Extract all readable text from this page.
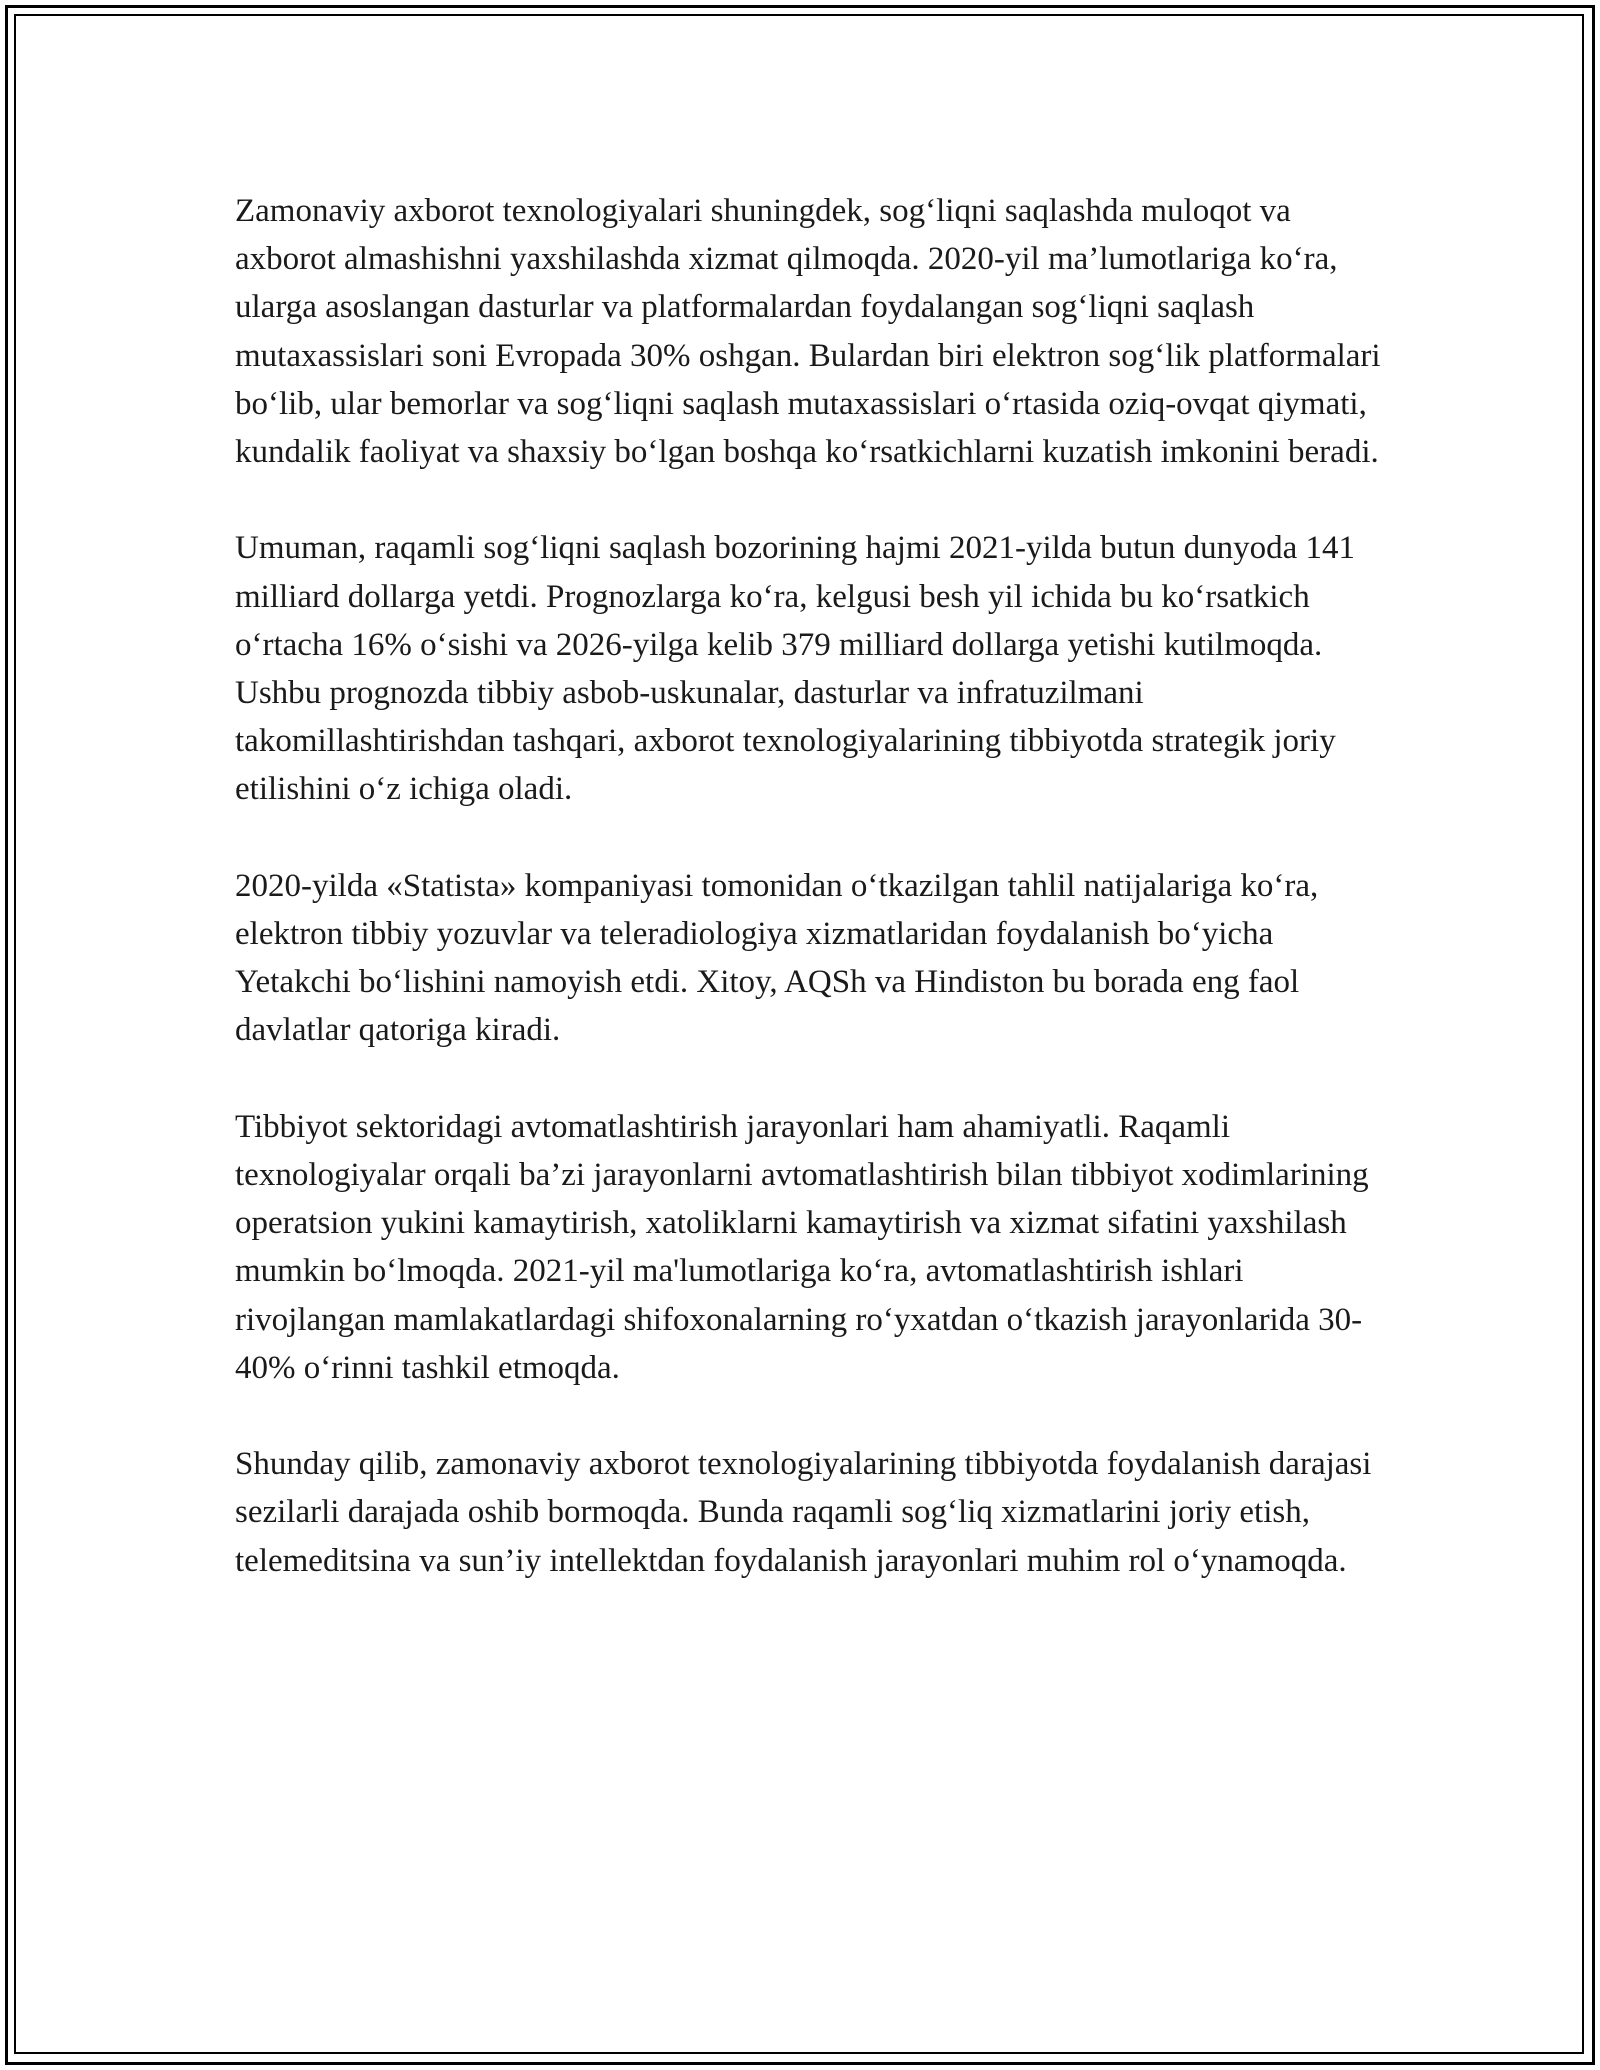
Zamonaviy axborot texnologiyalari shuningdek, sog‘liqni saqlashda muloqot va axborot almashishni yaxshilashda xizmat qilmoqda. 2020-yil ma’lumotlariga ko‘ra, ularga asoslangan dasturlar va platformalardan foydalangan sog‘liqni saqlash mutaxassislari soni Evropada 30% oshgan. Bulardan biri elektron sog‘lik platformalari bo‘lib, ular bemorlar va sog‘liqni saqlash mutaxassislari o‘rtasida oziq-ovqat qiymati, kundalik faoliyat va shaxsiy bo‘lgan boshqa ko‘rsatkichlarni kuzatish imkonini beradi.

Umuman, raqamli sog‘liqni saqlash bozorining hajmi 2021-yilda butun dunyoda 141 milliard dollarga yetdi. Prognozlarga ko‘ra, kelgusi besh yil ichida bu ko‘rsatkich o‘rtacha 16% o‘sishi va 2026-yilga kelib 379 milliard dollarga yetishi kutilmoqda. Ushbu prognozda tibbiy asbob-uskunalar, dasturlar va infratuzilmani takomillashtirishdan tashqari, axborot texnologiyalarining tibbiyotda strategik joriy etilishini o‘z ichiga oladi.

2020-yilda «Statista» kompaniyasi tomonidan o‘tkazilgan tahlil natijalariga ko‘ra, elektron tibbiy yozuvlar va teleradiologiya xizmatlaridan foydalanish bo‘yicha Yetakchi bo‘lishini namoyish etdi. Xitoy, AQSh va Hindiston bu borada eng faol davlatlar qatoriga kiradi.

Tibbiyot sektoridagi avtomatlashtirish jarayonlari ham ahamiyatli. Raqamli texnologiyalar orqali ba’zi jarayonlarni avtomatlashtirish bilan tibbiyot xodimlarining operatsion yukini kamaytirish, xatoliklarni kamaytirish va xizmat sifatini yaxshilash mumkin bo‘lmoqda. 2021-yil ma'lumotlariga ko‘ra, avtomatlashtirish ishlari rivojlangan mamlakatlardagi shifoxonalarning ro‘yxatdan o‘tkazish jarayonlarida 30-40% o‘rinni tashkil etmoqda.

Shunday qilib, zamonaviy axborot texnologiyalarining tibbiyotda foydalanish darajasi sezilarli darajada oshib bormoqda. Bunda raqamli sog‘liq xizmatlarini joriy etish, telemeditsina va sun’iy intellektdan foydalanish jarayonlari muhim rol o‘ynamoqda.
